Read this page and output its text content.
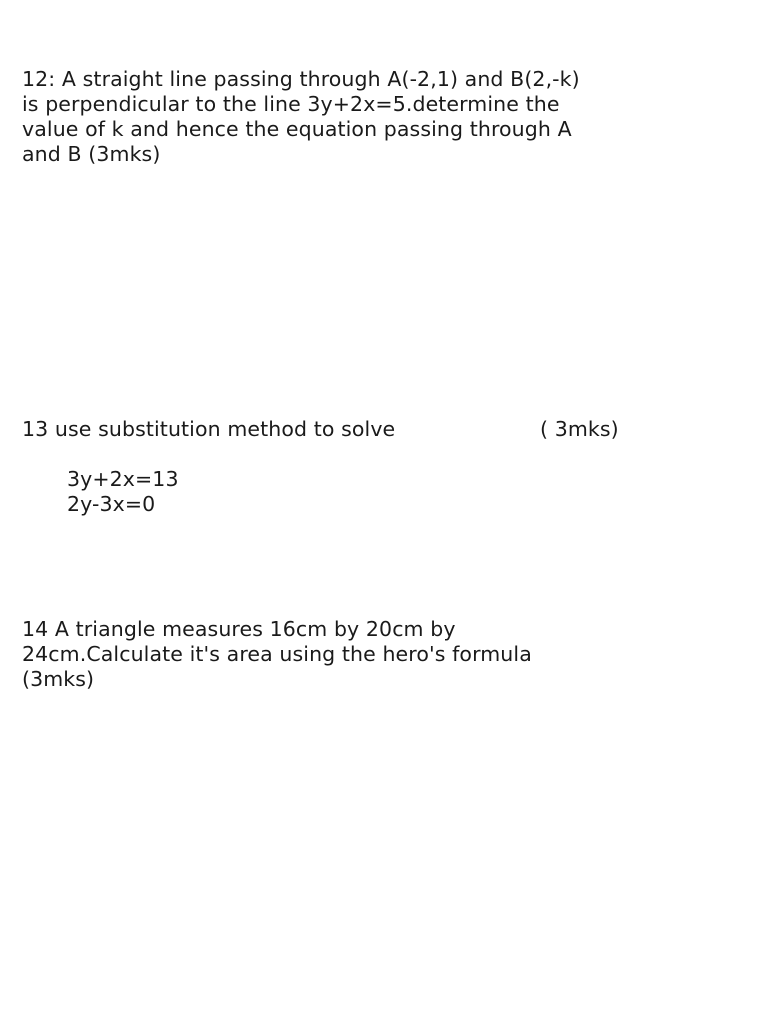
12: A straight line passing through A(-2,1) and B(2,-k)
is perpendicular to the line 3y+2x=5.determine the
value of k and hence the equation passing through A
and B (3mks)
13 use substitution method to solve	( 3mks)
3y+2x=13
2y-3x=0
14 A triangle measures 16cm by 20cm by
24cm.Calculate it's area using the hero's formula
(3mks)
